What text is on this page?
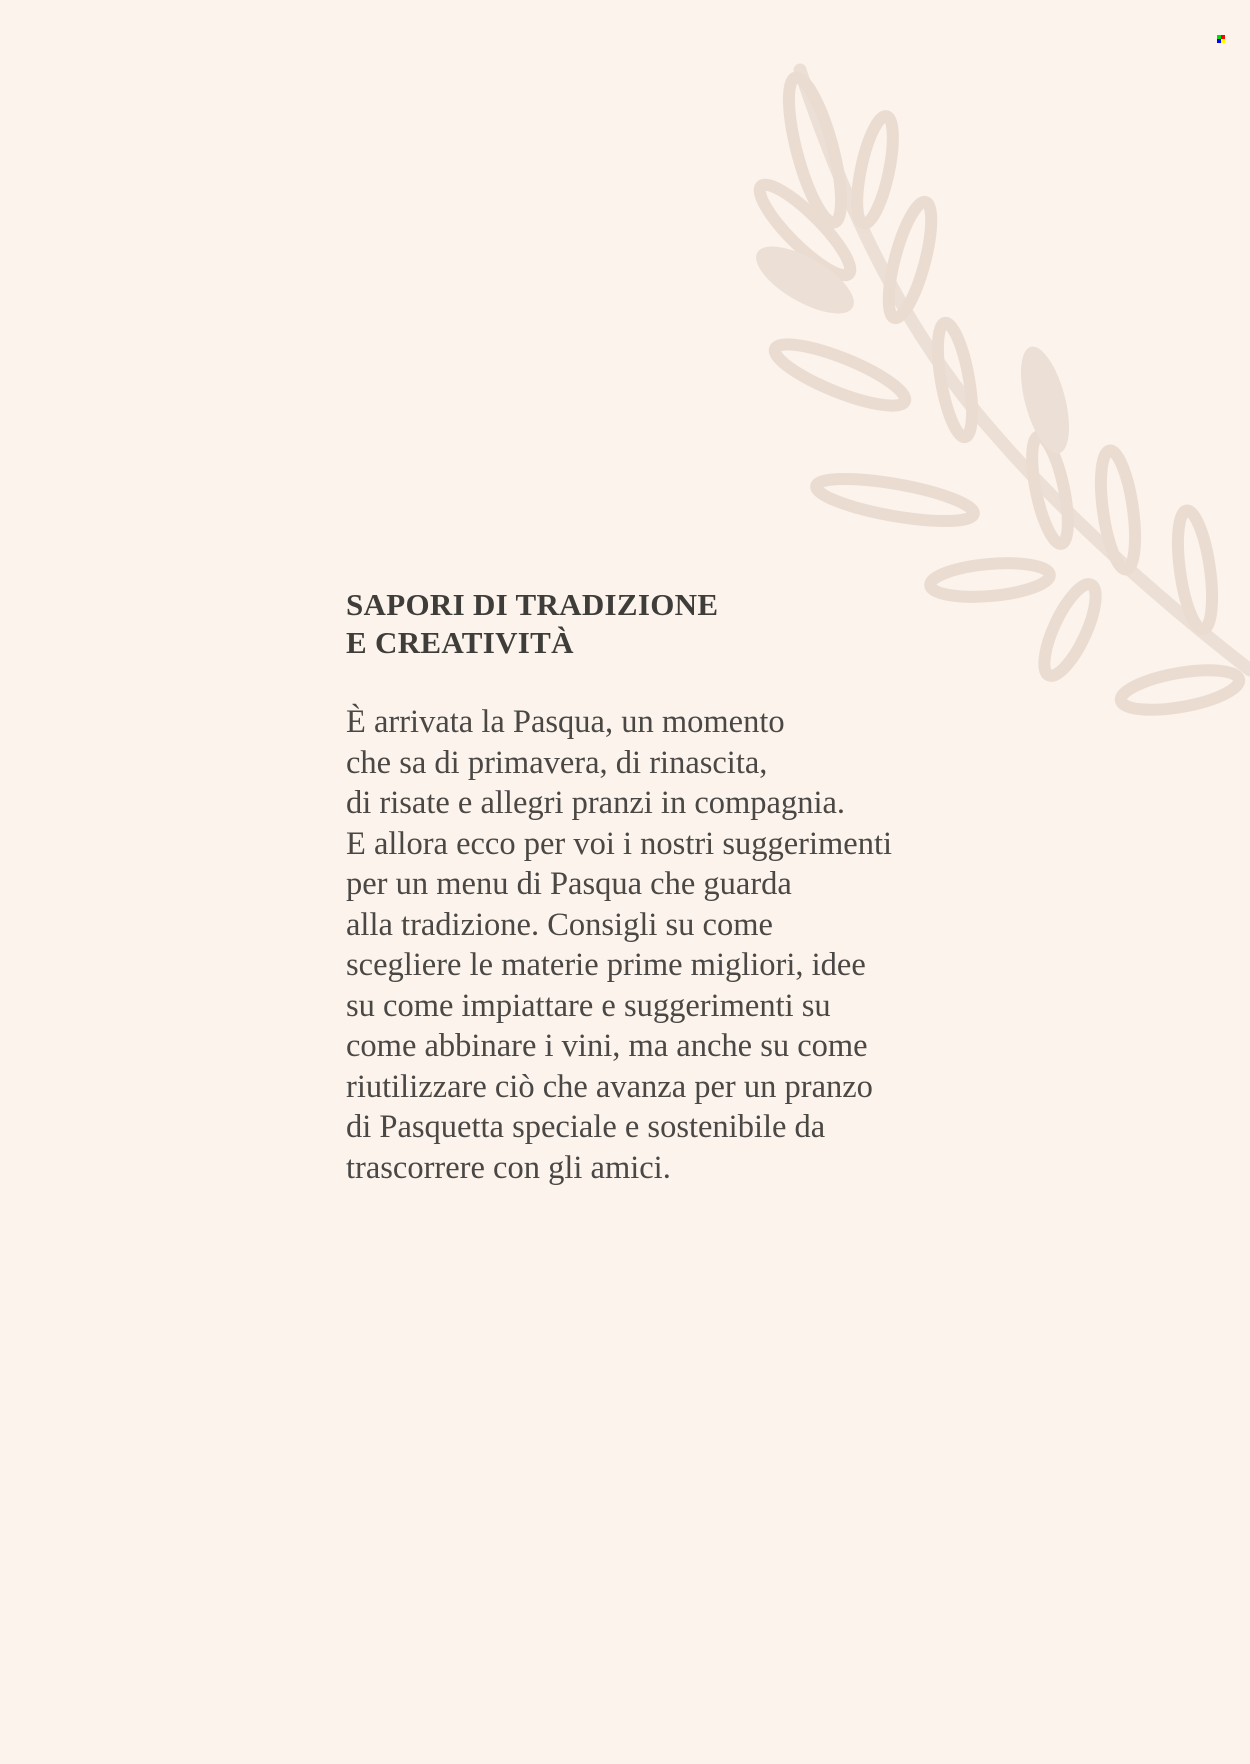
SAPORI DI TRADIZIONE
E CREATIVITÀ
È arrivata la Pasqua, un momento
che sa di primavera, di rinascita,
di risate e allegri pranzi in compagnia.
E allora ecco per voi i nostri suggerimenti
per un menu di Pasqua che guarda
alla tradizione. Consigli su come
scegliere le materie prime migliori, idee
su come impiattare e suggerimenti su
come abbinare i vini, ma anche su come
riutilizzare ciò che avanza per un pranzo
di Pasquetta speciale e sostenibile da
trascorrere con gli amici.
